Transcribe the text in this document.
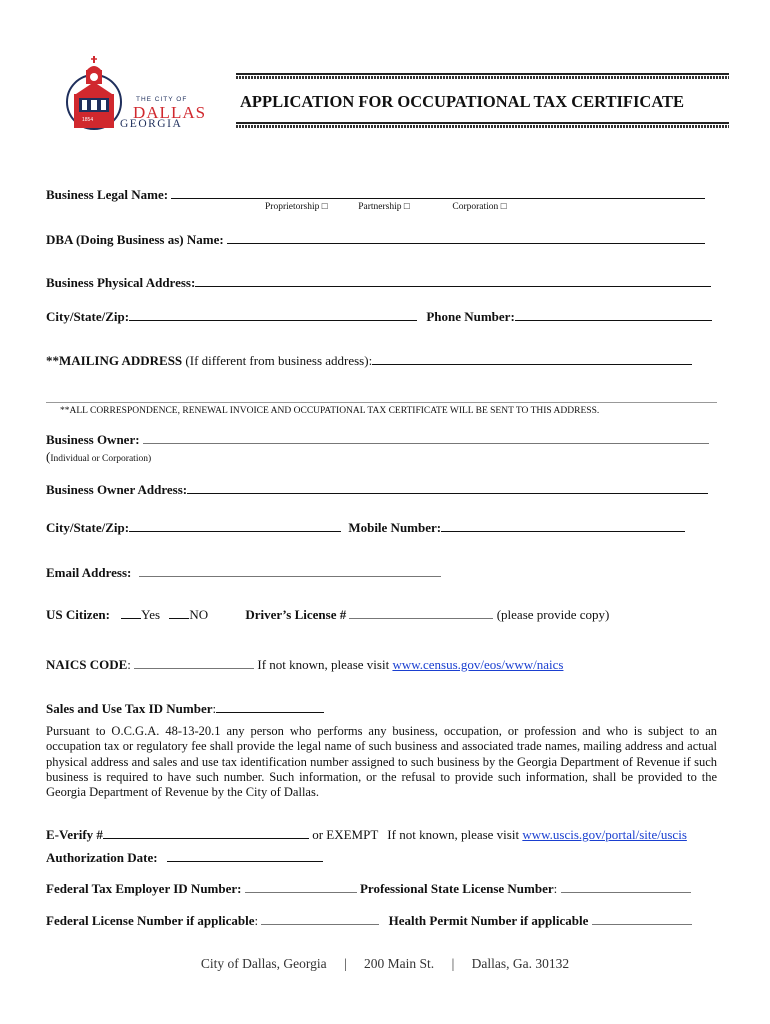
1854
THE CITY OF
DALLAS
GEORGIA
APPLICATION FOR OCCUPATIONAL TAX CERTIFICATE
Business Legal Name:
Proprietorship □	Partnership □	Corporation □
DBA (Doing Business as) Name:
Business Physical Address:
City/State/Zip:	Phone Number:
**MAILING ADDRESS (If different from business address):
**ALL CORRESPONDENCE, RENEWAL INVOICE AND OCCUPATIONAL TAX CERTIFICATE WILL BE SENT TO THIS ADDRESS.
Business Owner:
(Individual or Corporation)
Business Owner Address:
City/State/Zip:	Mobile Number:
Email Address:
US Citizen: Yes NO	Driver’s License #	(please provide copy)
NAICS CODE:	If not known, please visit www.census.gov/eos/www/naics
Sales and Use Tax ID Number:
Pursuant to O.C.G.A. 48-13-20.1 any person who performs any business, occupation, or profession and who is subject to an occupation tax or regulatory fee shall provide the legal name of such business and associated trade names, mailing address and actual physical address and sales and use tax identification number assigned to such business by the Georgia Department of Revenue if such business is required to have such number. Such information, or the refusal to provide such information, shall be provided to the Georgia Department of Revenue by the City of Dallas.
E-Verify #	or EXEMPT If not known, please visit www.uscis.gov/portal/site/uscis
Authorization Date:
Federal Tax Employer ID Number:	Professional State License Number:
Federal License Number if applicable:	Health Permit Number if applicable
City of Dallas, Georgia | 200 Main St. | Dallas, Ga. 30132
